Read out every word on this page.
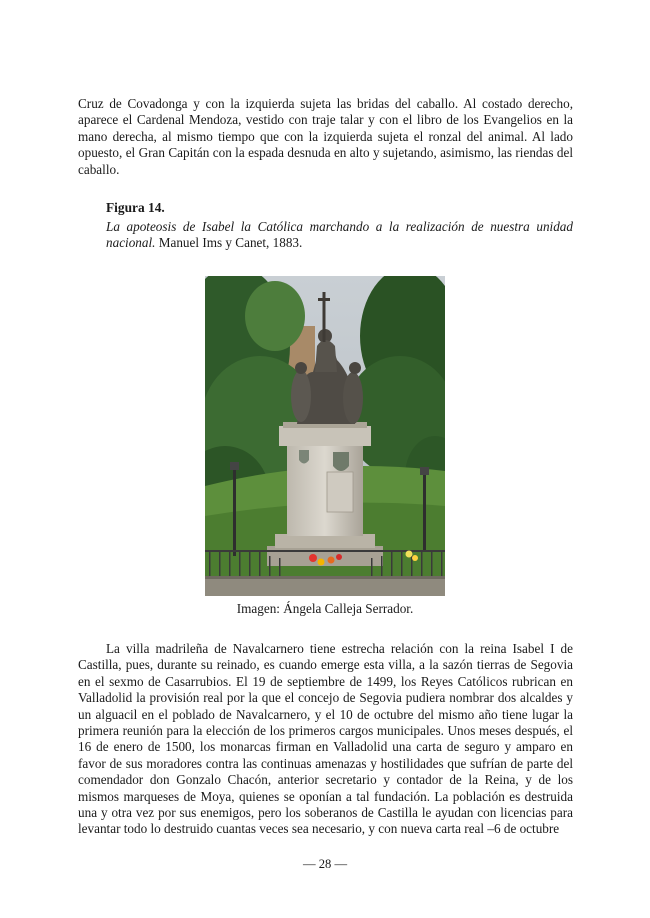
Cruz de Covadonga y con la izquierda sujeta las bridas del caballo. Al costado derecho, aparece el Cardenal Mendoza, vestido con traje talar y con el libro de los Evangelios en la mano derecha, al mismo tiempo que con la izquierda sujeta el ronzal del animal. Al lado opuesto, el Gran Capitán con la espada desnuda en alto y sujetando, asimismo, las riendas del caballo.

Figura 14.

La apoteosis de Isabel la Católica marchando a la realización de nuestra unidad nacional. Manuel Ims y Canet, 1883.

Imagen: Ángela Calleja Serrador.

La villa madrileña de Navalcarnero tiene estrecha relación con la reina Isabel I de Castilla, pues, durante su reinado, es cuando emerge esta villa, a la sazón tierras de Segovia en el sexmo de Casarrubios. El 19 de septiembre de 1499, los Reyes Católicos rubrican en Valladolid la provisión real por la que el concejo de Segovia pudiera nombrar dos alcaldes y un alguacil en el poblado de Navalcarnero, y el 10 de octubre del mismo año tiene lugar la primera reunión para la elección de los primeros cargos municipales. Unos meses después, el 16 de enero de 1500, los monarcas firman en Valladolid una carta de seguro y amparo en favor de sus moradores contra las continuas amenazas y hostilidades que sufrían de parte del comendador don Gonzalo Chacón, anterior secretario y contador de la Reina, y de los mismos marqueses de Moya, quienes se oponían a tal fundación. La población es destruida una y otra vez por sus enemigos, pero los soberanos de Castilla le ayudan con licencias para levantar todo lo destruido cuantas veces sea necesario, y con nueva carta real –6 de octubre

— 28 —
